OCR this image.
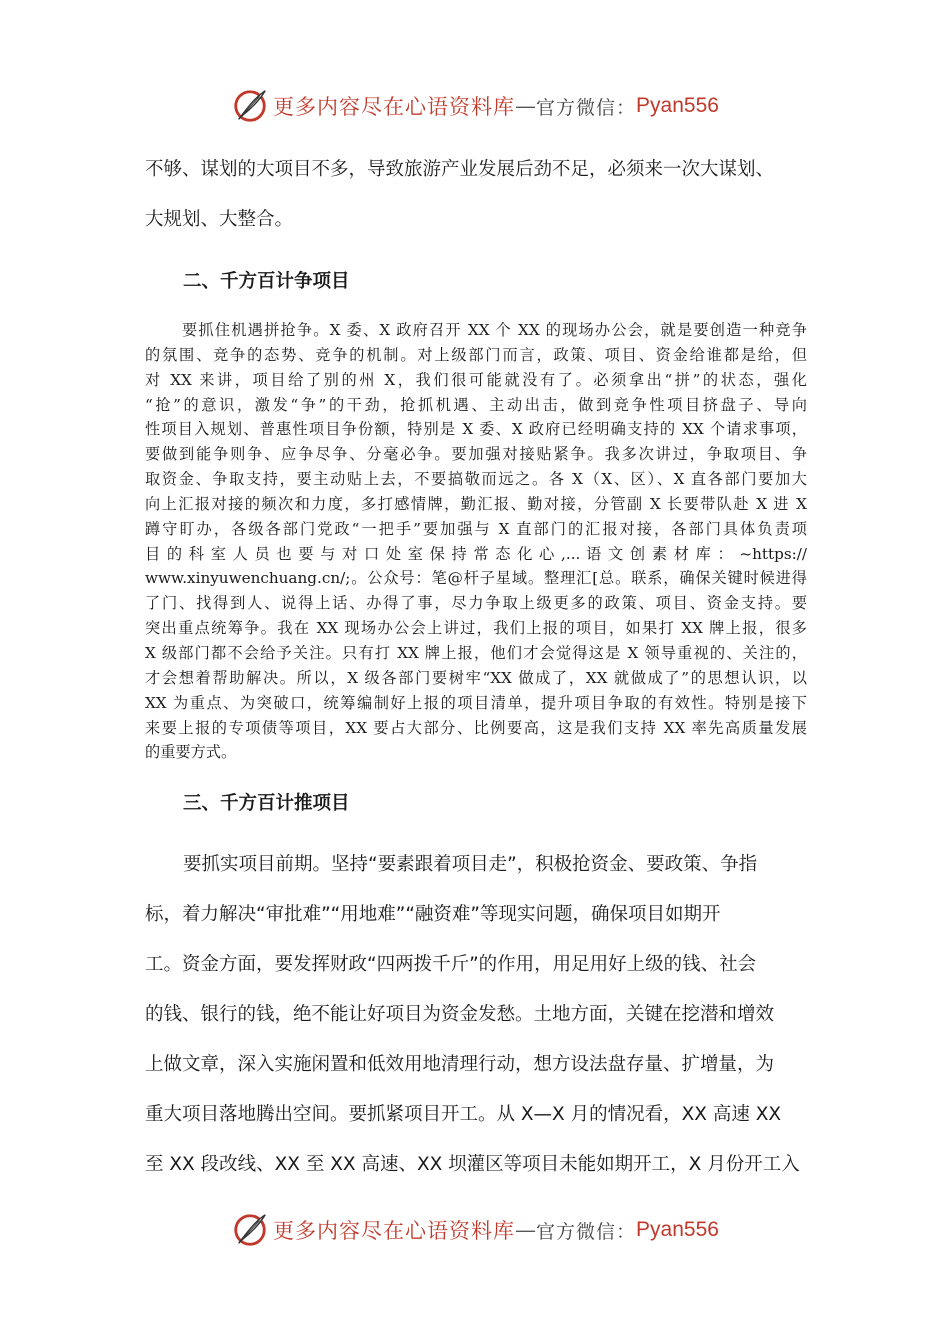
更多内容尽在心语资料库 — 官方微信： Pyan556

不够、谋划的大项目不多，导致旅游产业发展后劲不足，必须来一次大谋划、

大规划、大整合。

二、千方百计争项目
要抓住机遇拼抢争。X 委、X 政府召开 XX 个 XX 的现场办公会，就是要创造一种竞争
的氛围、竞争的态势、竞争的机制。对上级部门而言，政策、项目、资金给谁都是给，但
对 XX 来讲，项目给了别的州 X，我们很可能就没有了。必须拿出“拼”的状态，强化
“抢”的意识，激发“争”的干劲，抢抓机遇、主动出击，做到竞争性项目挤盘子、导向
性项目入规划、普惠性项目争份额，特别是 X 委、X 政府已经明确支持的 XX 个请求事项，
要做到能争则争、应争尽争、分毫必争。要加强对接贴紧争。我多次讲过，争取项目、争
取资金、争取支持，要主动贴上去，不要搞敬而远之。各 X（X、区）、X 直各部门要加大
向上汇报对接的频次和力度，多打感情牌，勤汇报、勤对接，分管副 X 长要带队赴 X 进 X
蹲守盯办，各级各部门党政“一把手”要加强与 X 直部门的汇报对接，各部门具体负责项
目 的 科 室 人 员 也 要 与 对 口 处 室 保 持 常 态 化 心 ,... 语 文 创 素 材 库 ： ~https://
www.xinyuwenchuang.cn/;。公众号：笔@杆子星域。整理汇[总。联系，确保关键时候进得
了门、找得到人、说得上话、办得了事，尽力争取上级更多的政策、项目、资金支持。要
突出重点统筹争。我在 XX 现场办公会上讲过，我们上报的项目，如果打 XX 牌上报，很多
X 级部门都不会给予关注。只有打 XX 牌上报，他们才会觉得这是 X 领导重视的、关注的，
才会想着帮助解决。所以，X 级各部门要树牢“XX 做成了，XX 就做成了”的思想认识，以
XX 为重点、为突破口，统筹编制好上报的项目清单，提升项目争取的有效性。特别是接下
来要上报的专项债等项目，XX 要占大部分、比例要高，这是我们支持 XX 率先高质量发展
的重要方式。
三、千方百计推项目

要抓实项目前期。坚持“要素跟着项目走”，积极抢资金、要政策、争指

标，着力解决“审批难”“用地难”“融资难”等现实问题，确保项目如期开

工。资金方面，要发挥财政“四两拨千斤”的作用，用足用好上级的钱、社会

的钱、银行的钱，绝不能让好项目为资金发愁。土地方面，关键在挖潜和增效

上做文章，深入实施闲置和低效用地清理行动，想方设法盘存量、扩增量，为

重大项目落地腾出空间。要抓紧项目开工。从 X—X 月的情况看，XX 高速 XX

至 XX 段改线、XX 至 XX 高速、XX 坝灌区等项目未能如期开工，X 月份开工入

更多内容尽在心语资料库 — 官方微信： Pyan556
